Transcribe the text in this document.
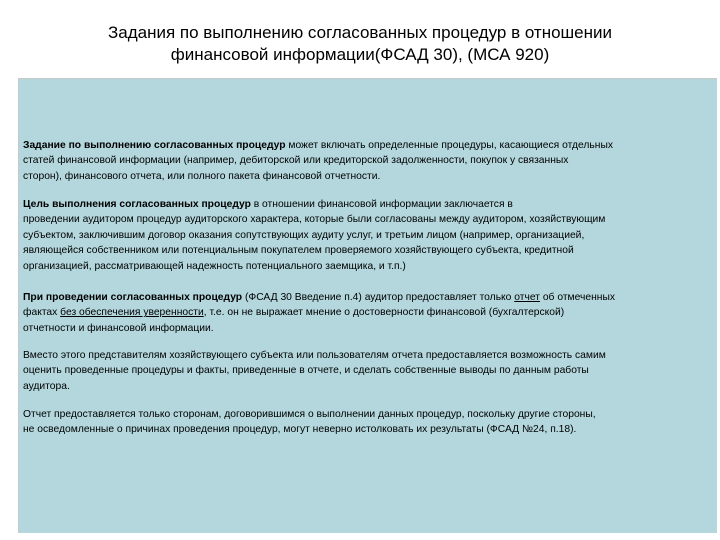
Задания по выполнению согласованных процедур в отношении
финансовой информации(ФСАД 30), (МСА 920)
Задание по выполнению согласованных процедур может включать определенные процедуры, касающиеся отдельных
статей финансовой информации (например, дебиторской или кредиторской задолженности, покупок у связанных
сторон), финансового отчета, или полного пакета финансовой отчетности.
Цель выполнения согласованных процедур в отношении финансовой информации заключается в
проведении аудитором процедур аудиторского характера, которые были согласованы между аудитором, хозяйствующим
субъектом, заключившим договор оказания сопутствующих аудиту услуг, и третьим лицом (например, организацией,
являющейся собственником или потенциальным покупателем проверяемого хозяйствующего субъекта, кредитной
организацией, рассматривающей надежность потенциального заемщика, и т.п.)
При проведении согласованных процедур (ФСАД 30 Введение п.4) аудитор предоставляет только отчет об отмеченных
фактах без обеспечения уверенности, т.е. он не выражает мнение о достоверности финансовой (бухгалтерской)
отчетности и финансовой информации.
Вместо этого представителям хозяйствующего субъекта или пользователям отчета предоставляется возможность самим
оценить проведенные процедуры и факты, приведенные в отчете, и сделать собственные выводы по данным работы
аудитора.
Отчет предоставляется только сторонам, договорившимся о выполнении данных процедур, поскольку другие стороны,
не осведомленные о причинах проведения процедур, могут неверно истолковать их результаты (ФСАД №24, п.18).
